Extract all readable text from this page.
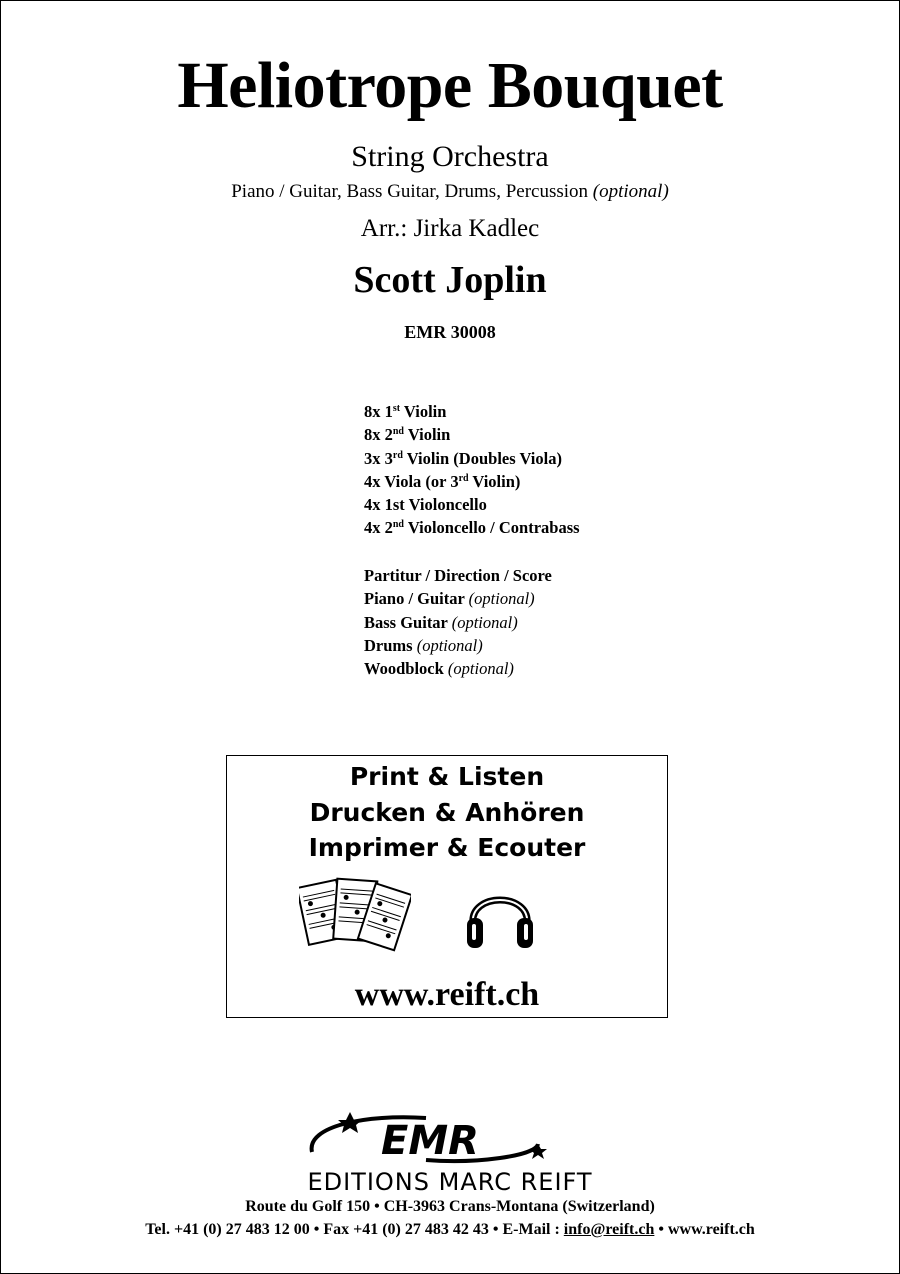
Heliotrope Bouquet
String Orchestra
Piano / Guitar, Bass Guitar, Drums, Percussion (optional)
Arr.: Jirka Kadlec
Scott Joplin
EMR 30008
8x 1st Violin
8x 2nd Violin
3x 3rd Violin (Doubles Viola)
4x Viola (or 3rd Violin)
4x 1st Violoncello
4x 2nd Violoncello / Contrabass
Partitur / Direction / Score
Piano / Guitar (optional)
Bass Guitar (optional)
Drums (optional)
Woodblock (optional)
Print & Listen
Drucken & Anhören
Imprimer & Ecouter
www.reift.ch
EMR
EDITIONS MARC REIFT
Route du Golf 150 • CH-3963 Crans-Montana (Switzerland)
Tel. +41 (0) 27 483 12 00 • Fax +41 (0) 27 483 42 43 • E-Mail : info@reift.ch • www.reift.ch
